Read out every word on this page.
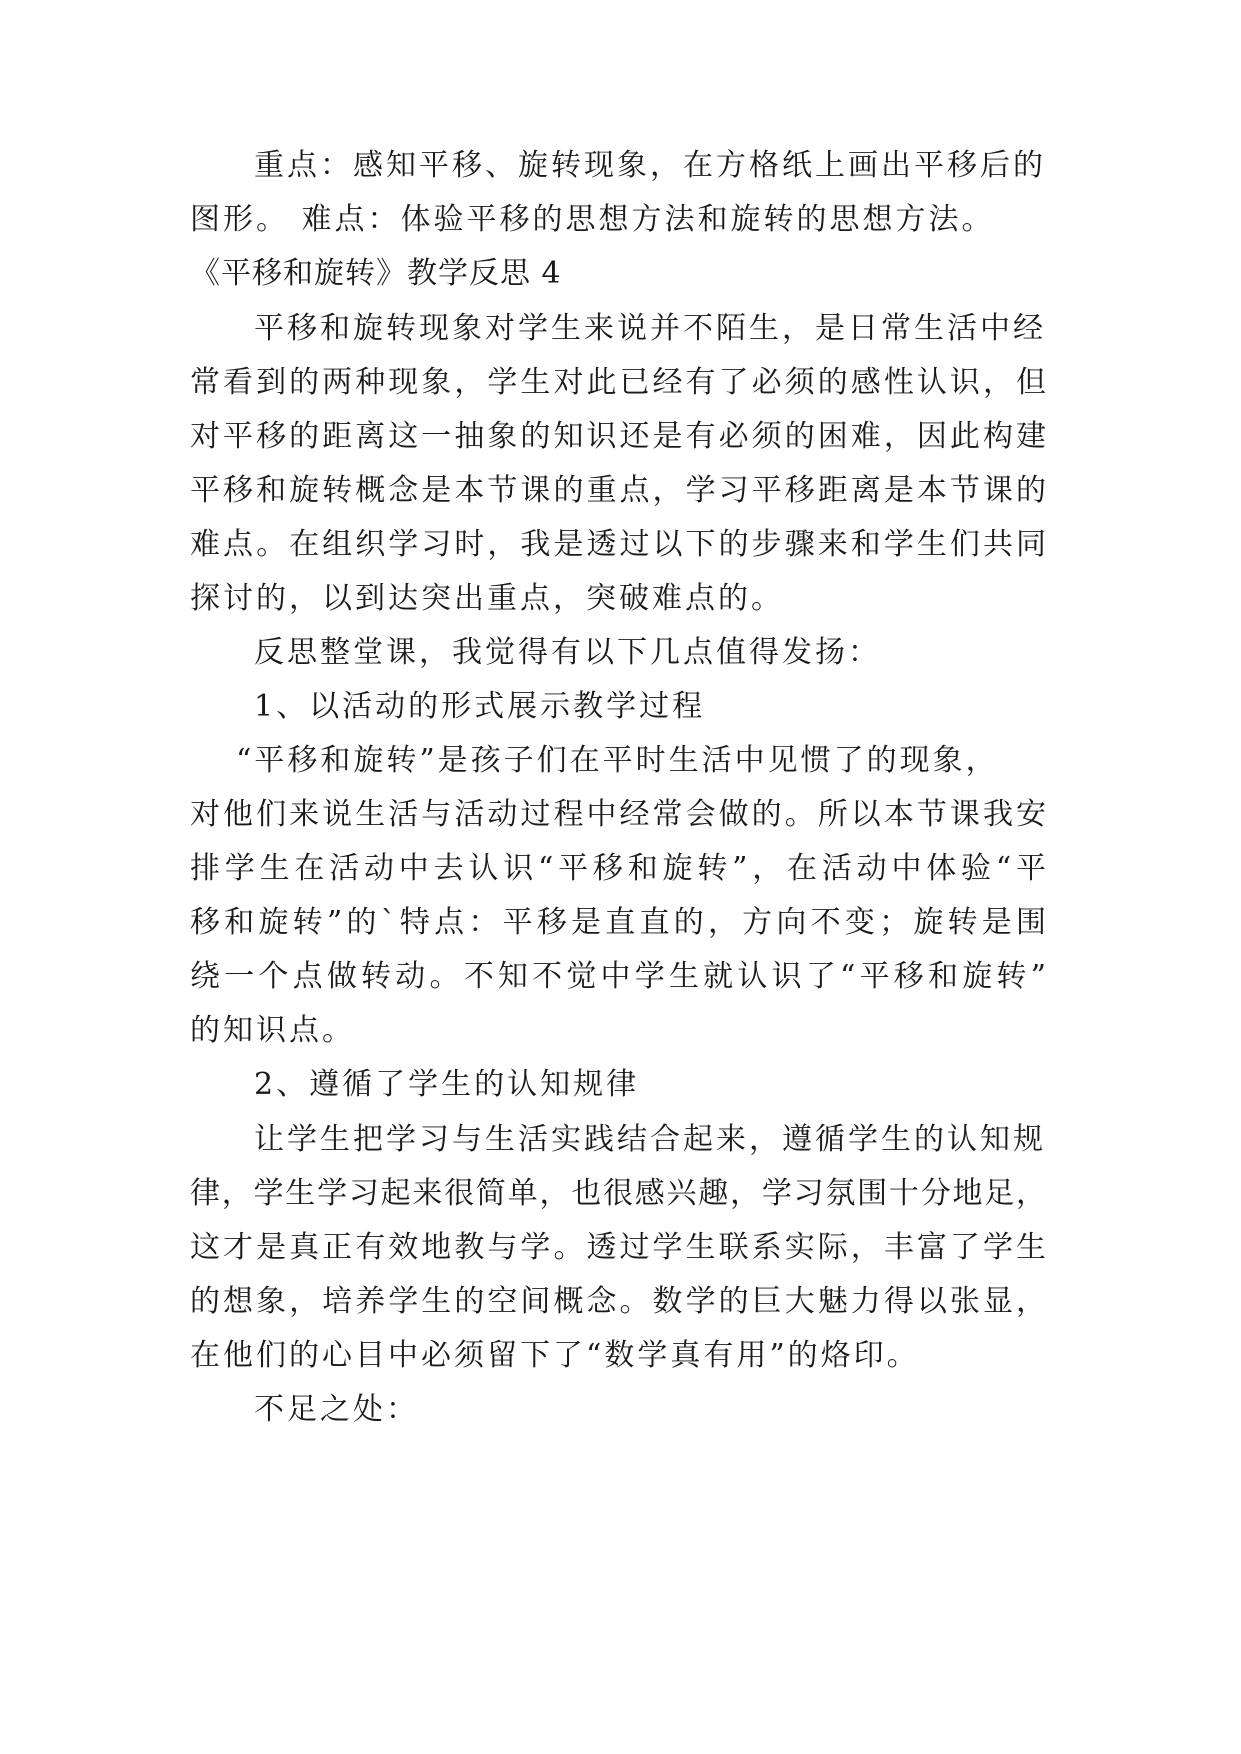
重点：感知平移、旋转现象，在方格纸上画出平移后的
图形。 难点：体验平移的思想方法和旋转的思想方法。
《平移和旋转》教学反思 4
平移和旋转现象对学生来说并不陌生，是日常生活中经
常看到的两种现象，学生对此已经有了必须的感性认识，但
对平移的距离这一抽象的知识还是有必须的困难，因此构建
平移和旋转概念是本节课的重点，学习平移距离是本节课的
难点。在组织学习时，我是透过以下的步骤来和学生们共同
探讨的，以到达突出重点，突破难点的。
反思整堂课，我觉得有以下几点值得发扬：
1、以活动的形式展示教学过程
“平移和旋转”是孩子们在平时生活中见惯了的现象，
对他们来说生活与活动过程中经常会做的。所以本节课我安
排学生在活动中去认识“平移和旋转”，在活动中体验“平
移和旋转”的`特点：平移是直直的，方向不变；旋转是围
绕一个点做转动。不知不觉中学生就认识了“平移和旋转”
的知识点。
2、遵循了学生的认知规律
让学生把学习与生活实践结合起来，遵循学生的认知规
律，学生学习起来很简单，也很感兴趣，学习氛围十分地足，
这才是真正有效地教与学。透过学生联系实际，丰富了学生
的想象，培养学生的空间概念。数学的巨大魅力得以张显，
在他们的心目中必须留下了“数学真有用”的烙印。
不足之处：
